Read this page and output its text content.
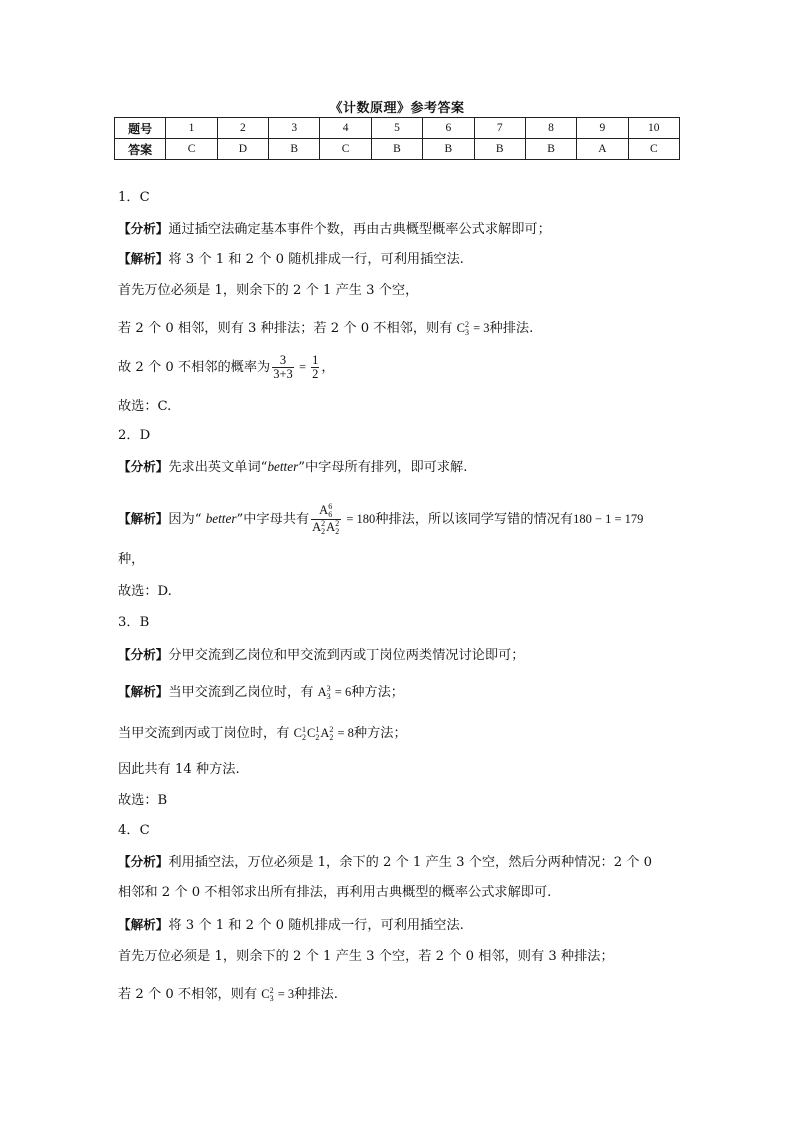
《计数原理》参考答案
题号	1	2	3	4	5	6	7	8	9	10
答案	C	D	B	C	B	B	B	B	A	C
1．C
【分析】通过插空法确定基本事件个数，再由古典概型概率公式求解即可；
【解析】将 3 个 1 和 2 个 0 随机排成一行，可利用插空法.
首先万位必须是 1，则余下的 2 个 1 产生 3 个空，
若 2 个 0 相邻，则有 3 种排法；若 2 个 0 不相邻，则有 C 2
3 = 3种排法.
故 2 个 0 不相邻的概率为 $\frac{3}{3+3} = \frac{1}{2}$ ，
故选：C.
2．D
【分析】先求出英文单词“better”中字母所有排列，即可求解.
【解析】因为“ better”中字母共有 A 6
6
A 2
2 A 2
2 = 180种排法，所以该同学写错的情况有180 − 1 = 179
种，
故选：D.
3．B
【分析】分甲交流到乙岗位和甲交流到丙或丁岗位两类情况讨论即可；
【解析】当甲交流到乙岗位时，有 A 3
3 = 6种方法；
当甲交流到丙或丁岗位时，有 C 1
2 C 1
2 A 2
2 = 8种方法；
因此共有 14 种方法.
故选：B
4．C
【分析】利用插空法，万位必须是 1，余下的 2 个 1 产生 3 个空，然后分两种情况：2 个 0
相邻和 2 个 0 不相邻求出所有排法，再利用古典概型的概率公式求解即可.
【解析】将 3 个 1 和 2 个 0 随机排成一行，可利用插空法.
首先万位必须是 1，则余下的 2 个 1 产生 3 个空，若 2 个 0 相邻，则有 3 种排法；
若 2 个 0 不相邻，则有 C 2
3 = 3种排法.
